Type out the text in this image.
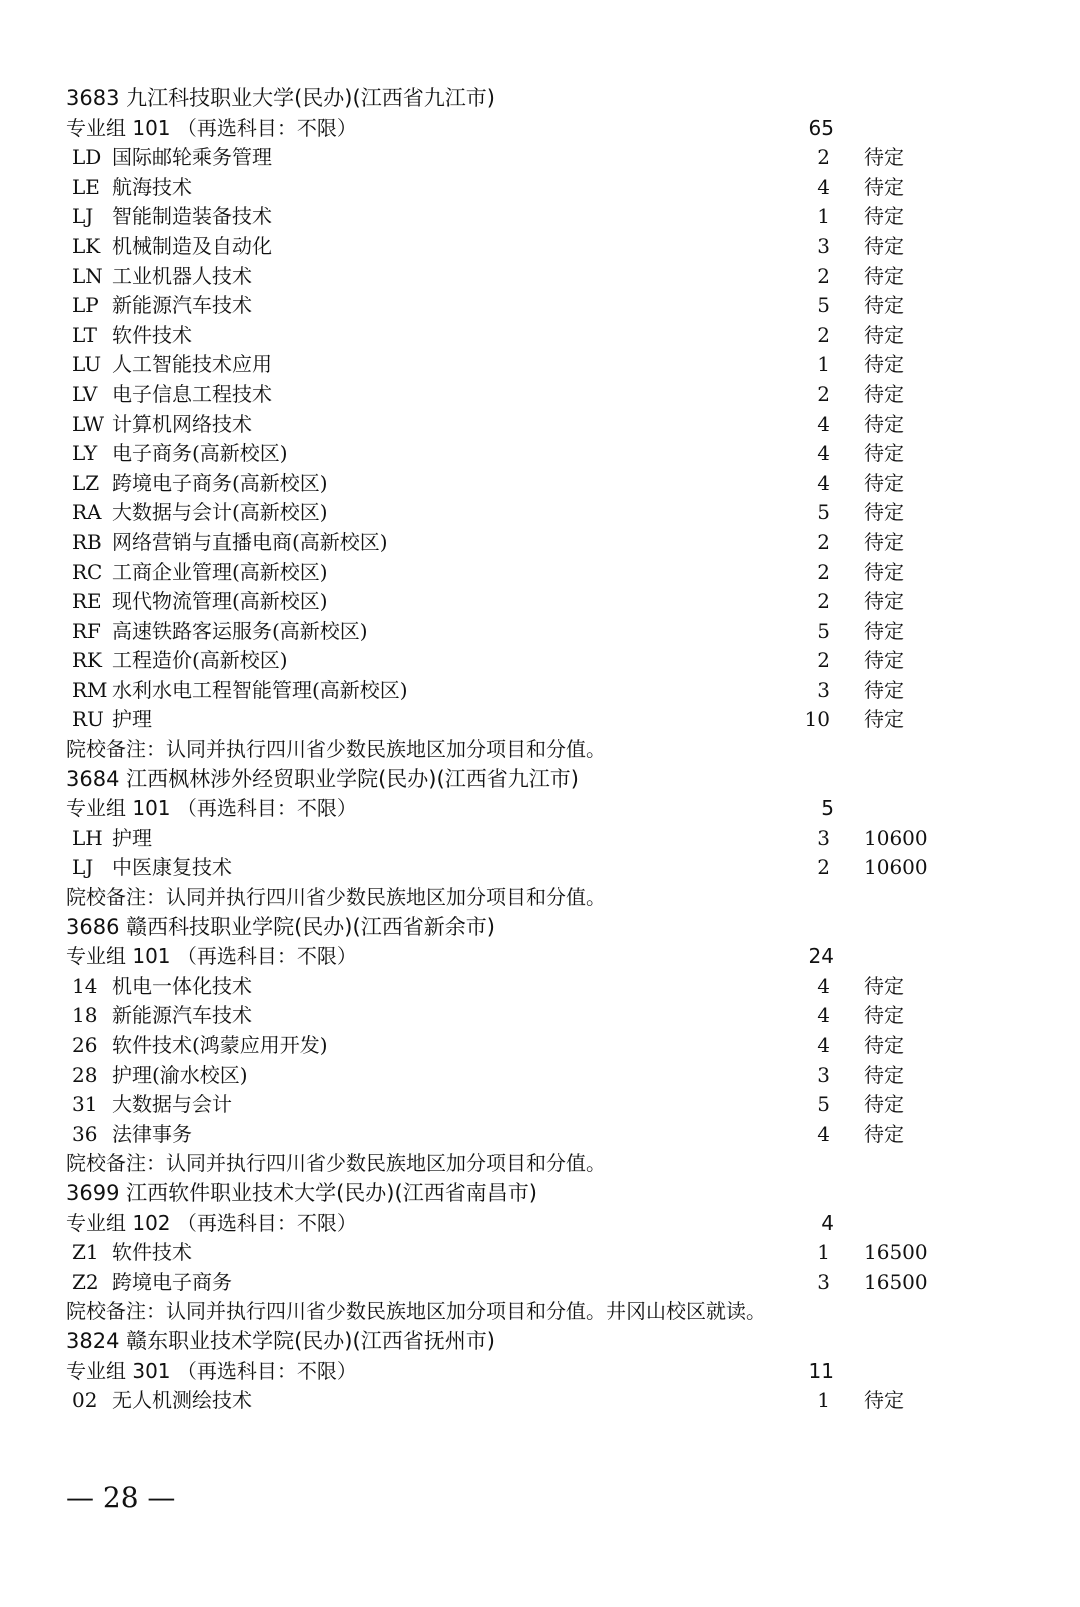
3683 九江科技职业大学(民办)(江西省九江市)
专业组 101 （再选科目：不限）	65
LD 国际邮轮乘务管理	2 待定
LE 航海技术	4 待定
LJ 智能制造装备技术	1 待定
LK 机械制造及自动化	3 待定
LN 工业机器人技术	2 待定
LP 新能源汽车技术	5 待定
LT 软件技术	2 待定
LU 人工智能技术应用	1 待定
LV 电子信息工程技术	2 待定
LW 计算机网络技术	4 待定
LY 电子商务(高新校区)	4 待定
LZ 跨境电子商务(高新校区)	4 待定
RA 大数据与会计(高新校区)	5 待定
RB 网络营销与直播电商(高新校区)	2 待定
RC 工商企业管理(高新校区)	2 待定
RE 现代物流管理(高新校区)	2 待定
RF 高速铁路客运服务(高新校区)	5 待定
RK 工程造价(高新校区)	2 待定
RM 水利水电工程智能管理(高新校区)	3 待定
RU 护理	10 待定
院校备注：认同并执行四川省少数民族地区加分项目和分值。
3684 江西枫林涉外经贸职业学院(民办)(江西省九江市)
专业组 101 （再选科目：不限）	5
LH 护理	3 10600
LJ 中医康复技术	2 10600
院校备注：认同并执行四川省少数民族地区加分项目和分值。
3686 赣西科技职业学院(民办)(江西省新余市)
专业组 101 （再选科目：不限）	24
14 机电一体化技术	4 待定
18 新能源汽车技术	4 待定
26 软件技术(鸿蒙应用开发)	4 待定
28 护理(渝水校区)	3 待定
31 大数据与会计	5 待定
36 法律事务	4 待定
院校备注：认同并执行四川省少数民族地区加分项目和分值。
3699 江西软件职业技术大学(民办)(江西省南昌市)
专业组 102 （再选科目：不限）	4
Z1 软件技术	1 16500
Z2 跨境电子商务	3 16500
院校备注：认同并执行四川省少数民族地区加分项目和分值。井冈山校区就读。
3824 赣东职业技术学院(民办)(江西省抚州市)
专业组 301 （再选科目：不限）	11
02 无人机测绘技术	1 待定
— 28 —
